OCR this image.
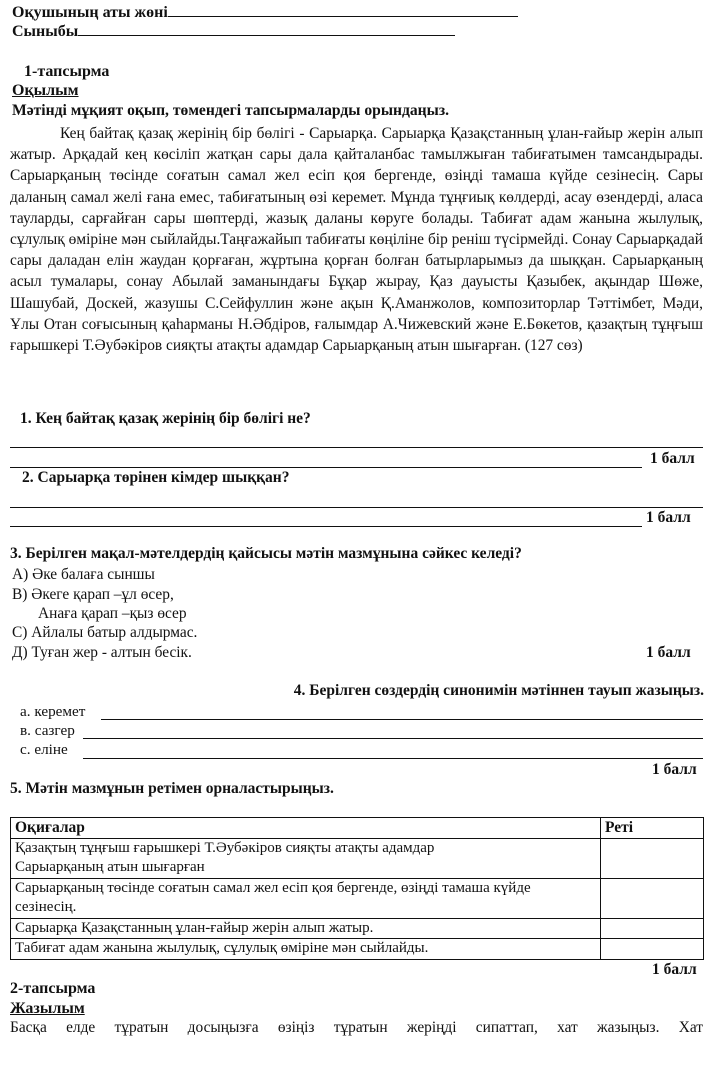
Оқушының аты жөні
Сыныбы
1-тапсырма
Оқылым
Мәтінді мұқият оқып, төмендегі тапсырмаларды орындаңыз.

Кең байтақ қазақ жерінің бір бөлігі - Сарыарқа. Сарыарқа Қазақстанның ұлан-ғайыр жерін алып жатыр. Арқадай кең көсіліп жатқан сары дала қайталанбас тамылжыған табиғатымен тамсандырады. Сарыарқаның төсінде соғатын самал жел есіп қоя бергенде, өзіңді тамаша күйде сезінесің. Сары даланың самал желі ғана емес, табиғатының өзі керемет. Мұнда тұңғиық көлдерді, асау өзендерді, аласа тауларды, сарғайған сары шөптерді, жазық даланы көруге болады. Табиғат адам жанына жылулық, сұлулық өміріне мән сыйлайды.Таңғажайып табиғаты көңіліне бір реніш түсірмейді. Сонау Сарыарқадай сары даладан елін жаудан қорғаған, жұртына қорған болған батырларымыз да шыққан. Сарыарқаның асыл тумалары, сонау Абылай заманындағы Бұқар жырау, Қаз дауысты Қазыбек, ақындар Шөже, Шашубай, Доскей, жазушы С.Сейфуллин және ақын Қ.Аманжолов, композиторлар Тәттімбет, Мәди, Ұлы Отан соғысының қаһарманы Н.Әбдіров, ғалымдар А.Чижевский және Е.Бөкетов, қазақтың тұңғыш ғарышкері Т.Әубәкіров сияқты атақты адамдар Сарыарқаның атын шығарған. (127 сөз)

1. Кең байтақ қазақ жерінің бір бөлігі не?
1 балл
2. Сарыарқа төрінен кімдер шыққан?
1 балл
3. Берілген мақал-мәтелдердің қайсысы мәтін мазмұнына сәйкес келеді?
А) Әке балаға сыншы
В) Әкеге қарап –ұл өсер,
Анаға қарап –қыз өсер
С) Айлалы батыр алдырмас.
Д) Туған жер - алтын бесік.	1 балл
4. Берілген сөздердің синонимін мәтіннен тауып жазыңыз.
а. керемет
в. сазгер
с. еліне
1 балл
5. Мәтін мазмұнын ретімен орналастырыңыз.
Оқиғалар	Реті
Қазақтың тұңғыш ғарышкері Т.Әубәкіров сияқты атақты адамдар Сарыарқаның атын шығарған	
Сарыарқаның төсінде соғатын самал жел есіп қоя бергенде, өзіңді тамаша күйде сезінесің.	
Сарыарқа Қазақстанның ұлан-ғайыр жерін алып жатыр.	
Табиғат адам жанына жылулық, сұлулық өміріне мән сыйлайды.	
1 балл
2-тапсырма
Жазылым
Басқа елде тұратын досыңызға өзіңіз тұратын жеріңді сипаттап, хат жазыңыз. Хат
